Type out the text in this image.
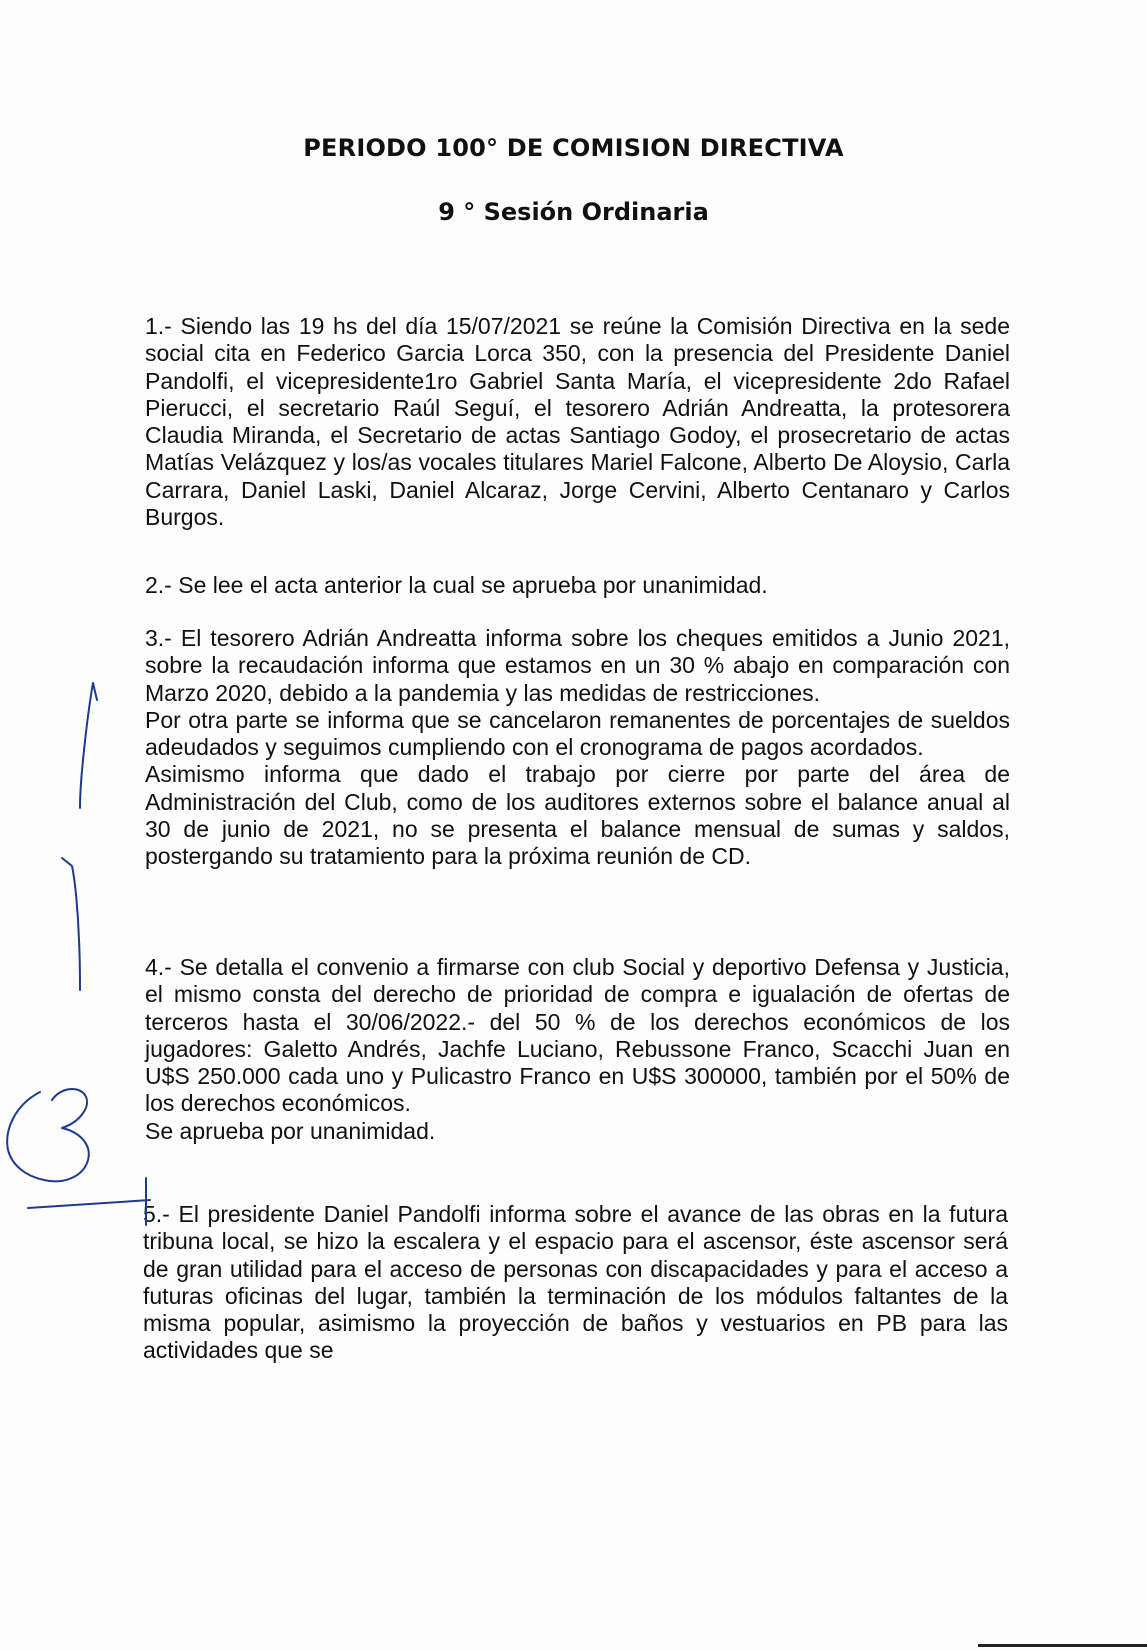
PERIODO 100° DE COMISION DIRECTIVA
9 ° Sesión Ordinaria

1.- Siendo las 19 hs del día 15/07/2021 se reúne la Comisión Directiva en la sede social cita en Federico Garcia Lorca 350, con la presencia del Presidente Daniel Pandolfi, el vicepresidente1ro Gabriel Santa María, el vicepresidente 2do Rafael Pierucci, el secretario Raúl Seguí, el tesorero Adrián Andreatta, la protesorera Claudia Miranda, el Secretario de actas Santiago Godoy, el prosecretario de actas Matías Velázquez y los/as vocales titulares Mariel Falcone, Alberto De Aloysio, Carla Carrara, Daniel Laski, Daniel Alcaraz, Jorge Cervini, Alberto Centanaro y Carlos Burgos.

2.- Se lee el acta anterior la cual se aprueba por unanimidad.

3.- El tesorero Adrián Andreatta informa sobre los cheques emitidos a Junio 2021, sobre la recaudación informa que estamos en un 30 % abajo en comparación con Marzo 2020, debido a la pandemia y las medidas de restricciones.
Por otra parte se informa que se cancelaron remanentes de porcentajes de sueldos adeudados y seguimos cumpliendo con el cronograma de pagos acordados.
Asimismo informa que dado el trabajo por cierre por parte del área de Administración del Club, como de los auditores externos sobre el balance anual al 30 de junio de 2021, no se presenta el balance mensual de sumas y saldos, postergando su tratamiento para la próxima reunión de CD.

4.- Se detalla el convenio a firmarse con club Social y deportivo Defensa y Justicia, el mismo consta del derecho de prioridad de compra e igualación de ofertas de terceros hasta el 30/06/2022.- del 50 % de los derechos económicos de los jugadores: Galetto Andrés, Jachfe Luciano, Rebussone Franco, Scacchi Juan en U$S 250.000 cada uno y Pulicastro Franco en U$S 300000, también por el 50% de los derechos económicos.
Se aprueba por unanimidad.

5.- El presidente Daniel Pandolfi informa sobre el avance de las obras en la futura tribuna local, se hizo la escalera y el espacio para el ascensor, éste ascensor será de gran utilidad para el acceso de personas con discapacidades y para el acceso a futuras oficinas del lugar, también la terminación de los módulos faltantes de la misma popular, asimismo la proyección de baños y vestuarios en PB para las actividades que se
